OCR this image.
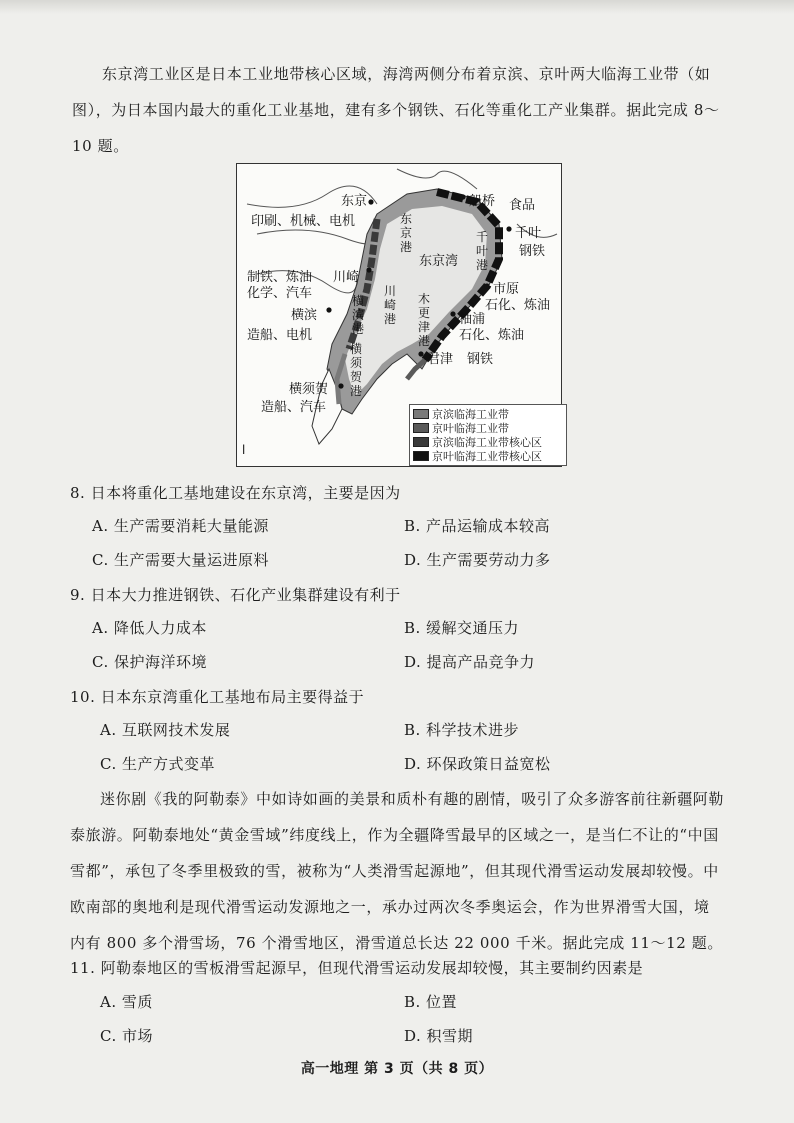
东京湾工业区是日本工业地带核心区域，海湾两侧分布着京滨、京叶两大临海工业带（如图），为日本国内最大的重化工业基地，建有多个钢铁、石化等重化工产业集群。据此完成 8～10 题。
l
东京
印刷、机械、电机
船桥 食品
千叶
钢铁
东京港
千叶港
东京湾
制铁、炼油
化学、汽车
川崎
川崎港
横滨
造船、电机
横滨港
木更津港
市原
石化、炼油
袖浦
石化、炼油
君津 钢铁
横须贺港
横须贺
造船、汽车	京滨临海工业带
京叶临海工业带
京滨临海工业带核心区
京叶临海工业带核心区
8. 日本将重化工基地建设在东京湾，主要是因为
A. 生产需要消耗大量能源	B. 产品运输成本较高
C. 生产需要大量运进原料	D. 生产需要劳动力多
9. 日本大力推进钢铁、石化产业集群建设有利于
A. 降低人力成本	B. 缓解交通压力
C. 保护海洋环境	D. 提高产品竞争力
10. 日本东京湾重化工基地布局主要得益于
A. 互联网技术发展	B. 科学技术进步
C. 生产方式变革	D. 环保政策日益宽松
迷你剧《我的阿勒泰》中如诗如画的美景和质朴有趣的剧情，吸引了众多游客前往新疆阿勒泰旅游。阿勒泰地处“黄金雪域”纬度线上，作为全疆降雪最早的区域之一，是当仁不让的“中国雪都”，承包了冬季里极致的雪，被称为“人类滑雪起源地”，但其现代滑雪运动发展却较慢。中欧南部的奥地利是现代滑雪运动发源地之一，承办过两次冬季奥运会，作为世界滑雪大国，境内有 800 多个滑雪场，76 个滑雪地区，滑雪道总长达 22 000 千米。据此完成 11～12 题。
11. 阿勒泰地区的雪板滑雪起源早，但现代滑雪运动发展却较慢，其主要制约因素是
A. 雪质	B. 位置
C. 市场	D. 积雪期
高一地理 第 3 页（共 8 页）
